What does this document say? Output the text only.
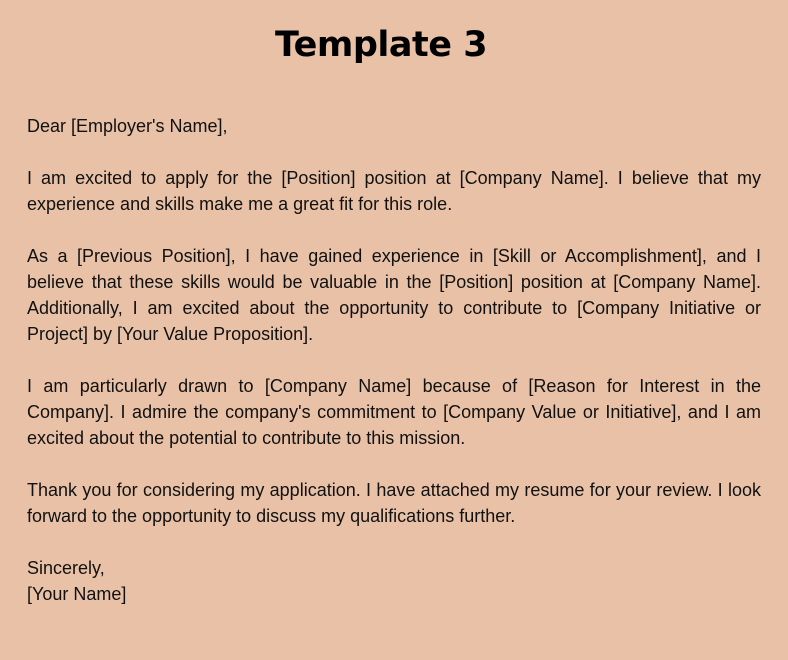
Template 3

Dear [Employer's Name],

I am excited to apply for the [Position] position at [Company Name]. I believe that my experience and skills make me a great fit for this role.

As a [Previous Position], I have gained experience in [Skill or Accomplishment], and I believe that these skills would be valuable in the [Position] position at [Company Name]. Additionally, I am excited about the opportunity to contribute to [Company Initiative or Project] by [Your Value Proposition].

I am particularly drawn to [Company Name] because of [Reason for Interest in the Company]. I admire the company's commitment to [Company Value or Initiative], and I am excited about the potential to contribute to this mission.

Thank you for considering my application. I have attached my resume for your review. I look forward to the opportunity to discuss my qualifications further.

Sincerely,

[Your Name]
